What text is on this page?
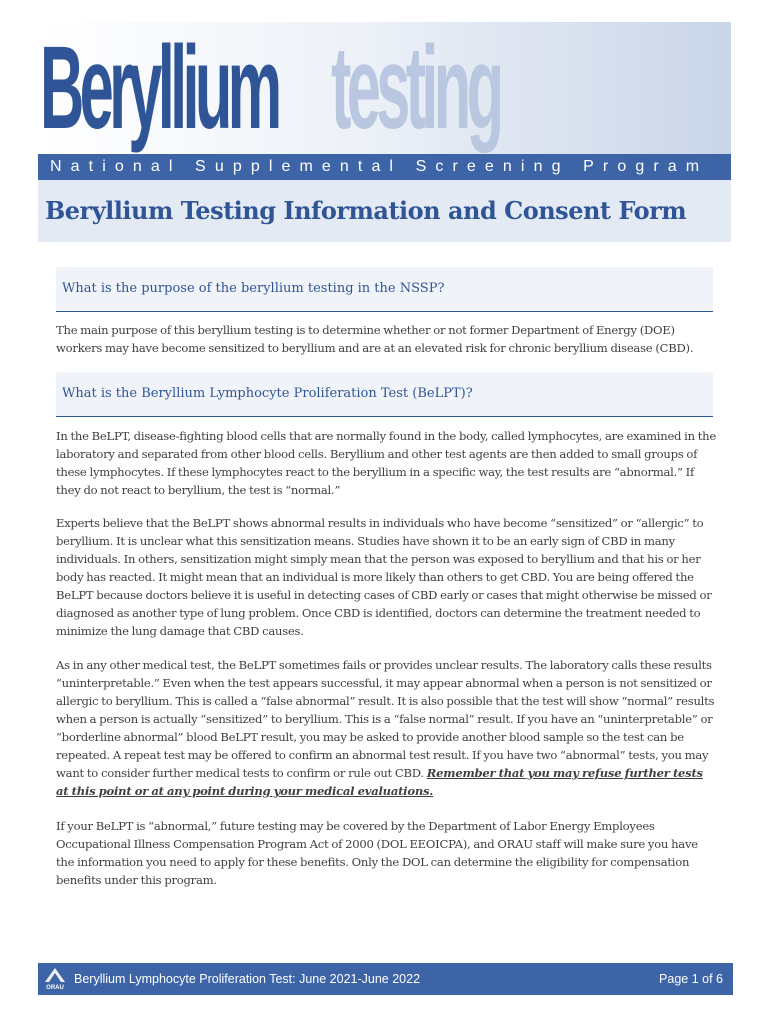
Beryllium testing
National Supplemental Screening Program
Beryllium Testing Information and Consent Form
What is the purpose of the beryllium testing in the NSSP?

The main purpose of this beryllium testing is to determine whether or not former Department of Energy (DOE) workers may have become sensitized to beryllium and are at an elevated risk for chronic beryllium disease (CBD).

What is the Beryllium Lymphocyte Proliferation Test (BeLPT)?

In the BeLPT, disease-fighting blood cells that are normally found in the body, called lymphocytes, are examined in the laboratory and separated from other blood cells. Beryllium and other test agents are then added to small groups of these lymphocytes. If these lymphocytes react to the beryllium in a specific way, the test results are “abnormal.” If they do not react to beryllium, the test is “normal.”

Experts believe that the BeLPT shows abnormal results in individuals who have become “sensitized” or “allergic” to beryllium. It is unclear what this sensitization means. Studies have shown it to be an early sign of CBD in many individuals. In others, sensitization might simply mean that the person was exposed to beryllium and that his or her body has reacted. It might mean that an individual is more likely than others to get CBD. You are being offered the BeLPT because doctors believe it is useful in detecting cases of CBD early or cases that might otherwise be missed or diagnosed as another type of lung problem. Once CBD is identified, doctors can determine the treatment needed to minimize the lung damage that CBD causes.

As in any other medical test, the BeLPT sometimes fails or provides unclear results. The laboratory calls these results “uninterpretable.” Even when the test appears successful, it may appear abnormal when a person is not sensitized or allergic to beryllium. This is called a “false abnormal” result. It is also possible that the test will show “normal” results when a person is actually “sensitized” to beryllium. This is a “false normal” result. If you have an “uninterpretable” or “borderline abnormal” blood BeLPT result, you may be asked to provide another blood sample so the test can be repeated. A repeat test may be offered to confirm an abnormal test result. If you have two “abnormal” tests, you may want to consider further medical tests to confirm or rule out CBD. Remember that you may refuse further tests at this point or at any point during your medical evaluations.

If your BeLPT is “abnormal,” future testing may be covered by the Department of Labor Energy Employees Occupational Illness Compensation Program Act of 2000 (DOL EEOICPA), and ORAU staff will make sure you have the information you need to apply for these benefits. Only the DOL can determine the eligibility for compensation benefits under this program.

ORAU
Beryllium Lymphocyte Proliferation Test: June 2021-June 2022	Page 1 of 6
